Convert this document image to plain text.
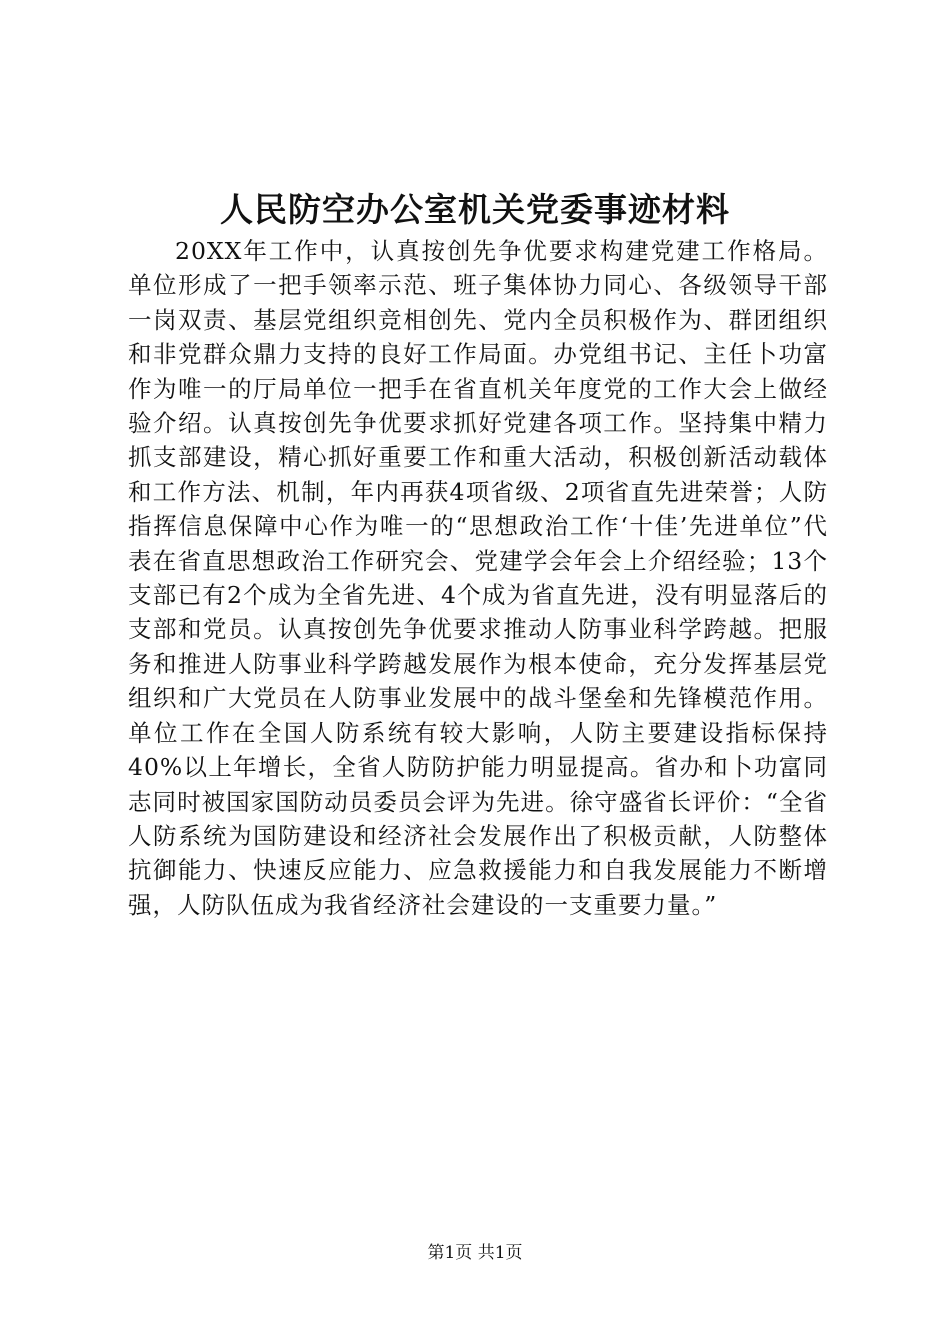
人民防空办公室机关党委事迹材料

20XX年工作中，认真按创先争优要求构建党建工作格局。单位形成了一把手领率示范、班子集体协力同心、各级领导干部一岗双责、基层党组织竞相创先、党内全员积极作为、群团组织和非党群众鼎力支持的良好工作局面。办党组书记、主任卜功富作为唯一的厅局单位一把手在省直机关年度党的工作大会上做经验介绍。认真按创先争优要求抓好党建各项工作。坚持集中精力抓支部建设，精心抓好重要工作和重大活动，积极创新活动载体和工作方法、机制，年内再获4项省级、2项省直先进荣誉；人防指挥信息保障中心作为唯一的“思想政治工作‘十佳’先进单位”代表在省直思想政治工作研究会、党建学会年会上介绍经验；13个支部已有2个成为全省先进、4个成为省直先进，没有明显落后的支部和党员。认真按创先争优要求推动人防事业科学跨越。把服务和推进人防事业科学跨越发展作为根本使命，充分发挥基层党组织和广大党员在人防事业发展中的战斗堡垒和先锋模范作用。单位工作在全国人防系统有较大影响，人防主要建设指标保持40%以上年增长，全省人防防护能力明显提高。省办和卜功富同志同时被国家国防动员委员会评为先进。徐守盛省长评价：“全省人防系统为国防建设和经济社会发展作出了积极贡献，人防整体抗御能力、快速反应能力、应急救援能力和自我发展能力不断增强，人防队伍成为我省经济社会建设的一支重要力量。”

第1页 共1页
